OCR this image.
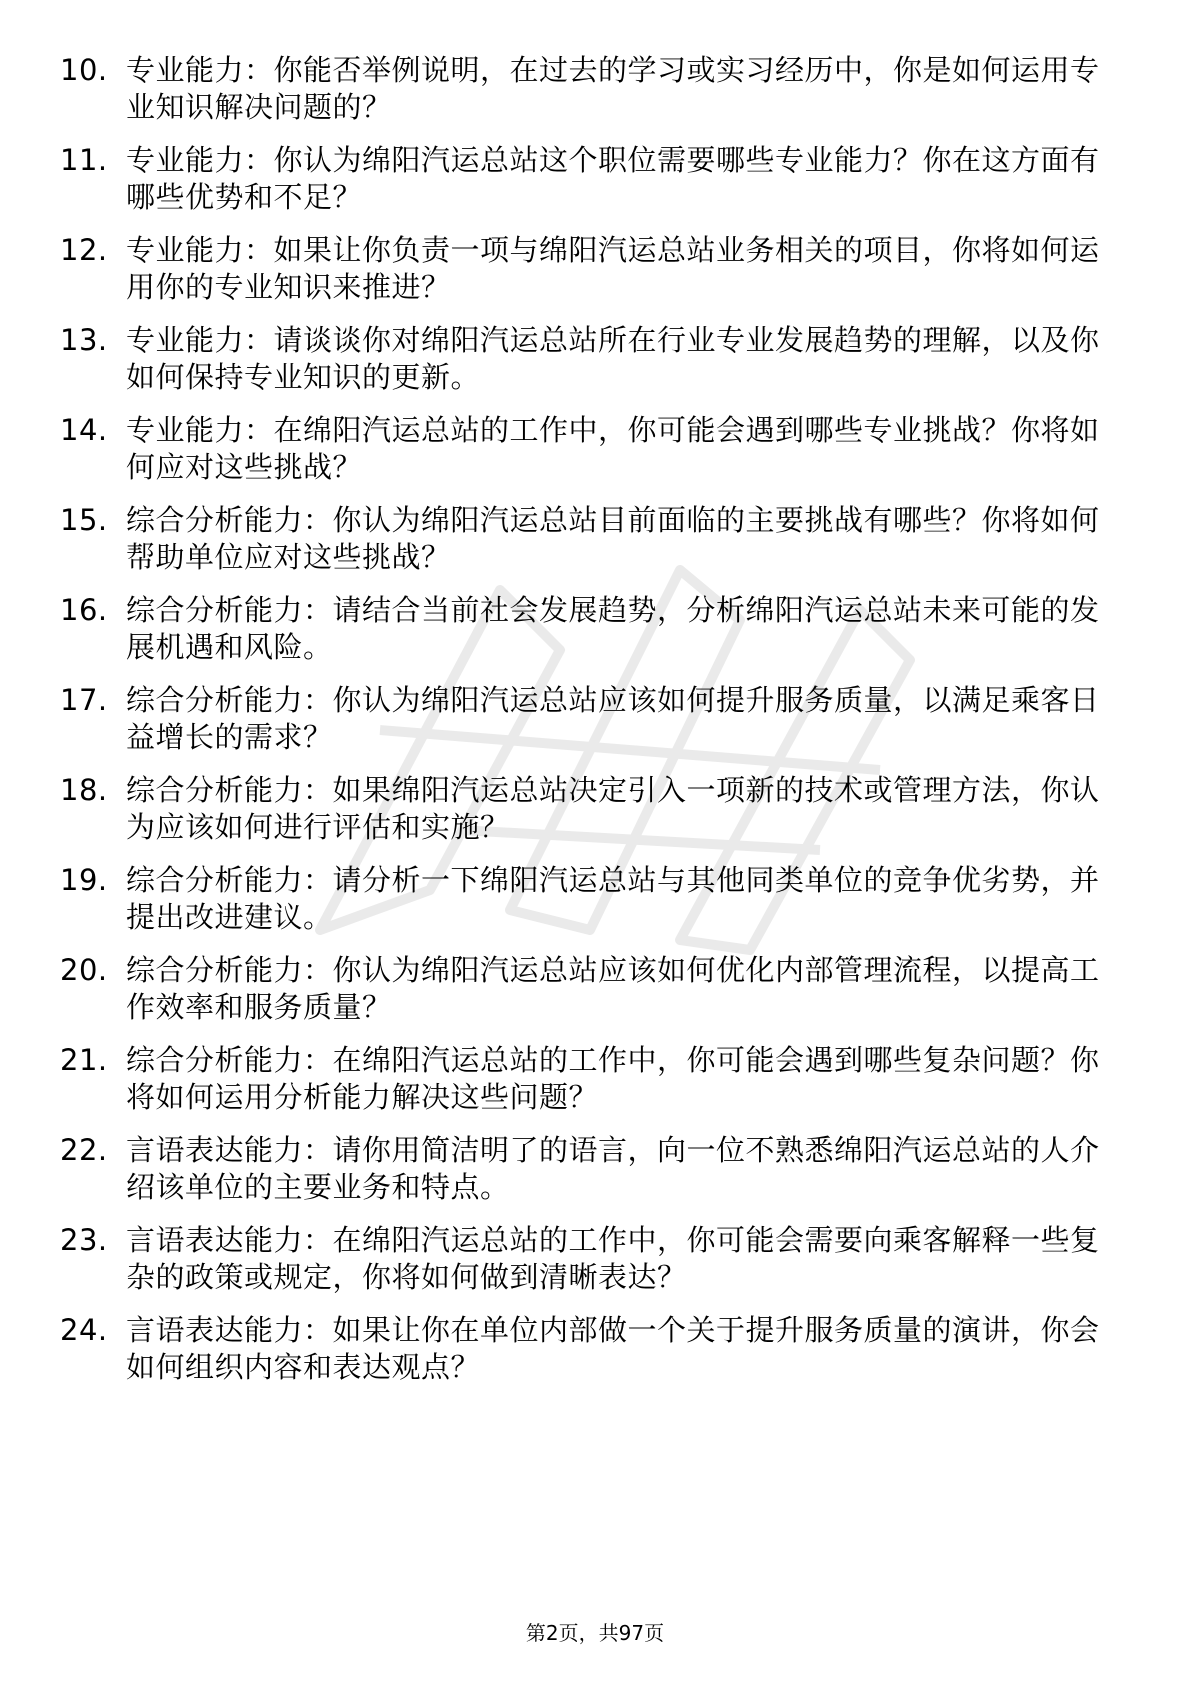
10. 专业能力：你能否举例说明，在过去的学习或实习经历中，你是如何运用专业知识解决问题的？
11. 专业能力：你认为绵阳汽运总站这个职位需要哪些专业能力？你在这方面有哪些优势和不足？
12. 专业能力：如果让你负责一项与绵阳汽运总站业务相关的项目，你将如何运用你的专业知识来推进？
13. 专业能力：请谈谈你对绵阳汽运总站所在行业专业发展趋势的理解，以及你如何保持专业知识的更新。
14. 专业能力：在绵阳汽运总站的工作中，你可能会遇到哪些专业挑战？你将如何应对这些挑战？
15. 综合分析能力：你认为绵阳汽运总站目前面临的主要挑战有哪些？你将如何帮助单位应对这些挑战？
16. 综合分析能力：请结合当前社会发展趋势，分析绵阳汽运总站未来可能的发展机遇和风险。
17. 综合分析能力：你认为绵阳汽运总站应该如何提升服务质量，以满足乘客日益增长的需求？
18. 综合分析能力：如果绵阳汽运总站决定引入一项新的技术或管理方法，你认为应该如何进行评估和实施？
19. 综合分析能力：请分析一下绵阳汽运总站与其他同类单位的竞争优劣势，并提出改进建议。
20. 综合分析能力：你认为绵阳汽运总站应该如何优化内部管理流程，以提高工作效率和服务质量？
21. 综合分析能力：在绵阳汽运总站的工作中，你可能会遇到哪些复杂问题？你将如何运用分析能力解决这些问题？
22. 言语表达能力：请你用简洁明了的语言，向一位不熟悉绵阳汽运总站的人介绍该单位的主要业务和特点。
23. 言语表达能力：在绵阳汽运总站的工作中，你可能会需要向乘客解释一些复杂的政策或规定，你将如何做到清晰表达？
24. 言语表达能力：如果让你在单位内部做一个关于提升服务质量的演讲，你会如何组织内容和表达观点？
第2页，共97页
